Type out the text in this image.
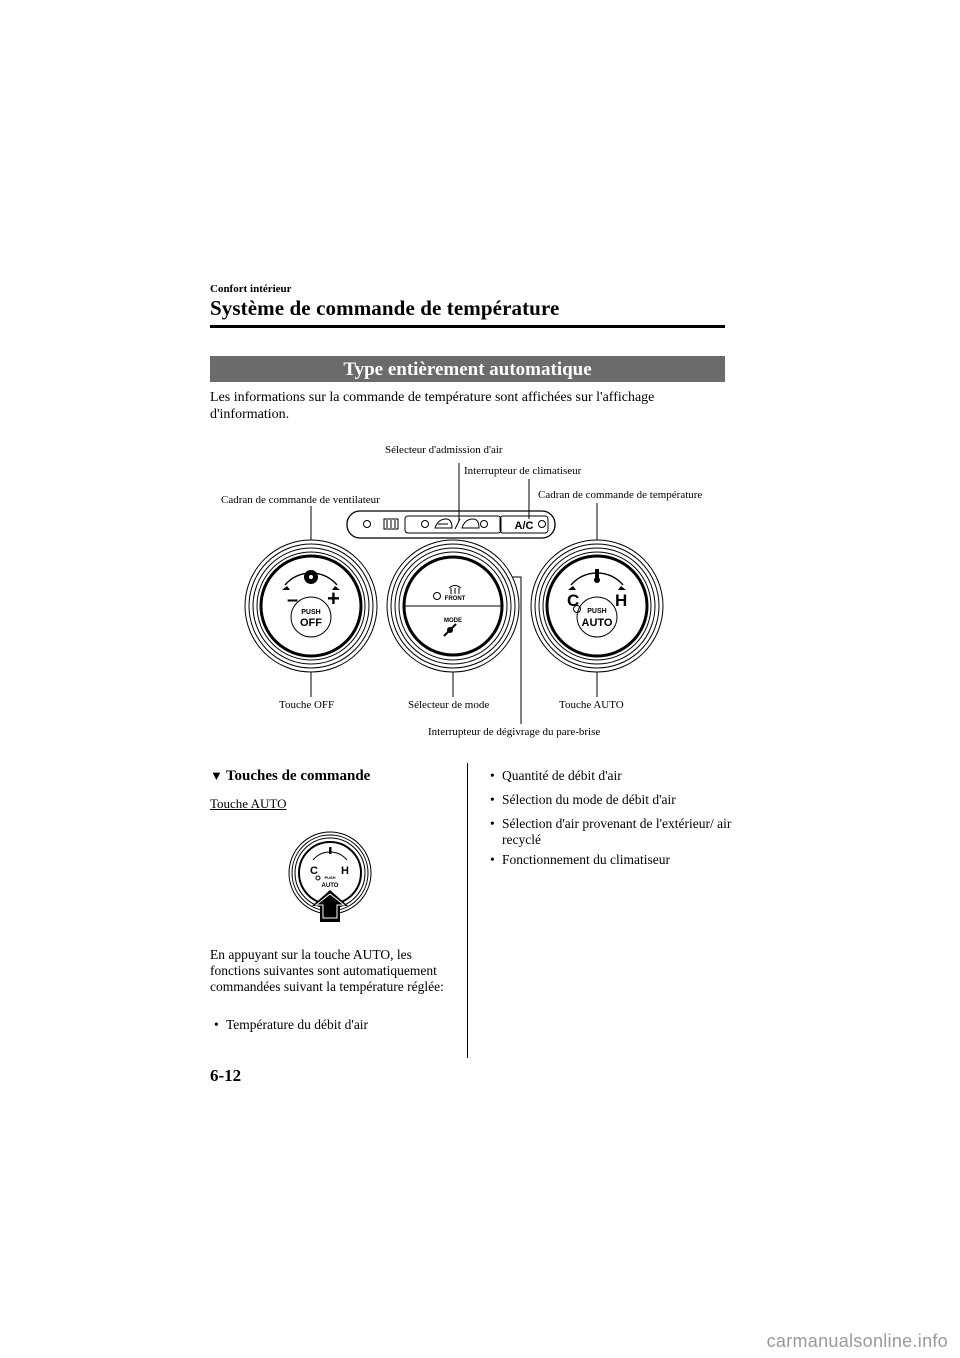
Confort intérieur
Système de commande de température
Type entièrement automatique
Les informations sur la commande de température sont affichées sur l'affichage d'information.
– +
PUSH
OFF
FRONT
MODE
C H
PUSH
AUTO
A/C
Sélecteur d'admission d'air
Interrupteur de climatiseur
Cadran de commande de ventilateur	Cadran de commande de température
Touche OFF	Sélecteur de mode	Touche AUTO
Interrupteur de dégivrage du pare-brise
▼ Touches de commande
Touche AUTO
C H
PUSH
AUTO
En appuyant sur la touche AUTO, les fonctions suivantes sont automatiquement commandées suivant la température réglée:
• Température du débit d'air
• Quantité de débit d'air
• Sélection du mode de débit d'air
• Sélection d'air provenant de l'extérieur/ air recyclé
• Fonctionnement du climatiseur
6-12
carmanualsonline.info
